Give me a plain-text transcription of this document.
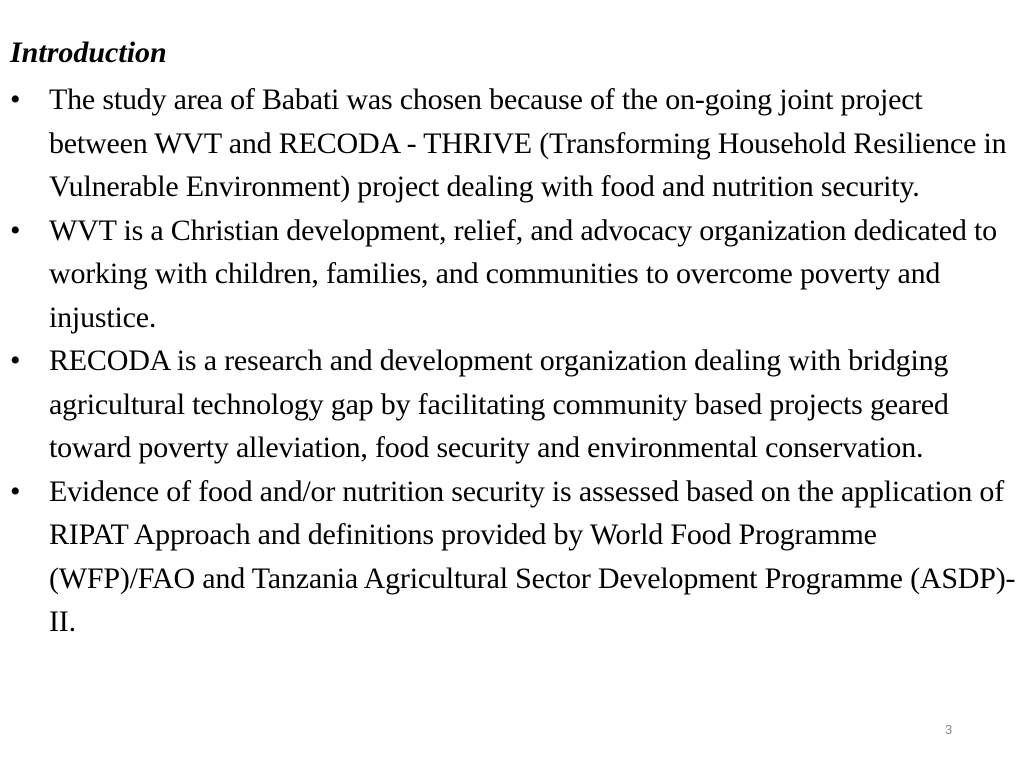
Introduction
• The study area of Babati was chosen because of the on-going joint project between WVT and RECODA - THRIVE (Transforming Household Resilience in Vulnerable Environment) project dealing with food and nutrition security.
• WVT is a Christian development, relief, and advocacy organization dedicated to working with children, families, and communities to overcome poverty and injustice.
• RECODA is a research and development organization dealing with bridging agricultural technology gap by facilitating community based projects geared toward poverty alleviation, food security and environmental conservation.
• Evidence of food and/or nutrition security is assessed based on the application of RIPAT Approach and definitions provided by World Food Programme (WFP)/FAO and Tanzania Agricultural Sector Development Programme (ASDP)-II.
3
